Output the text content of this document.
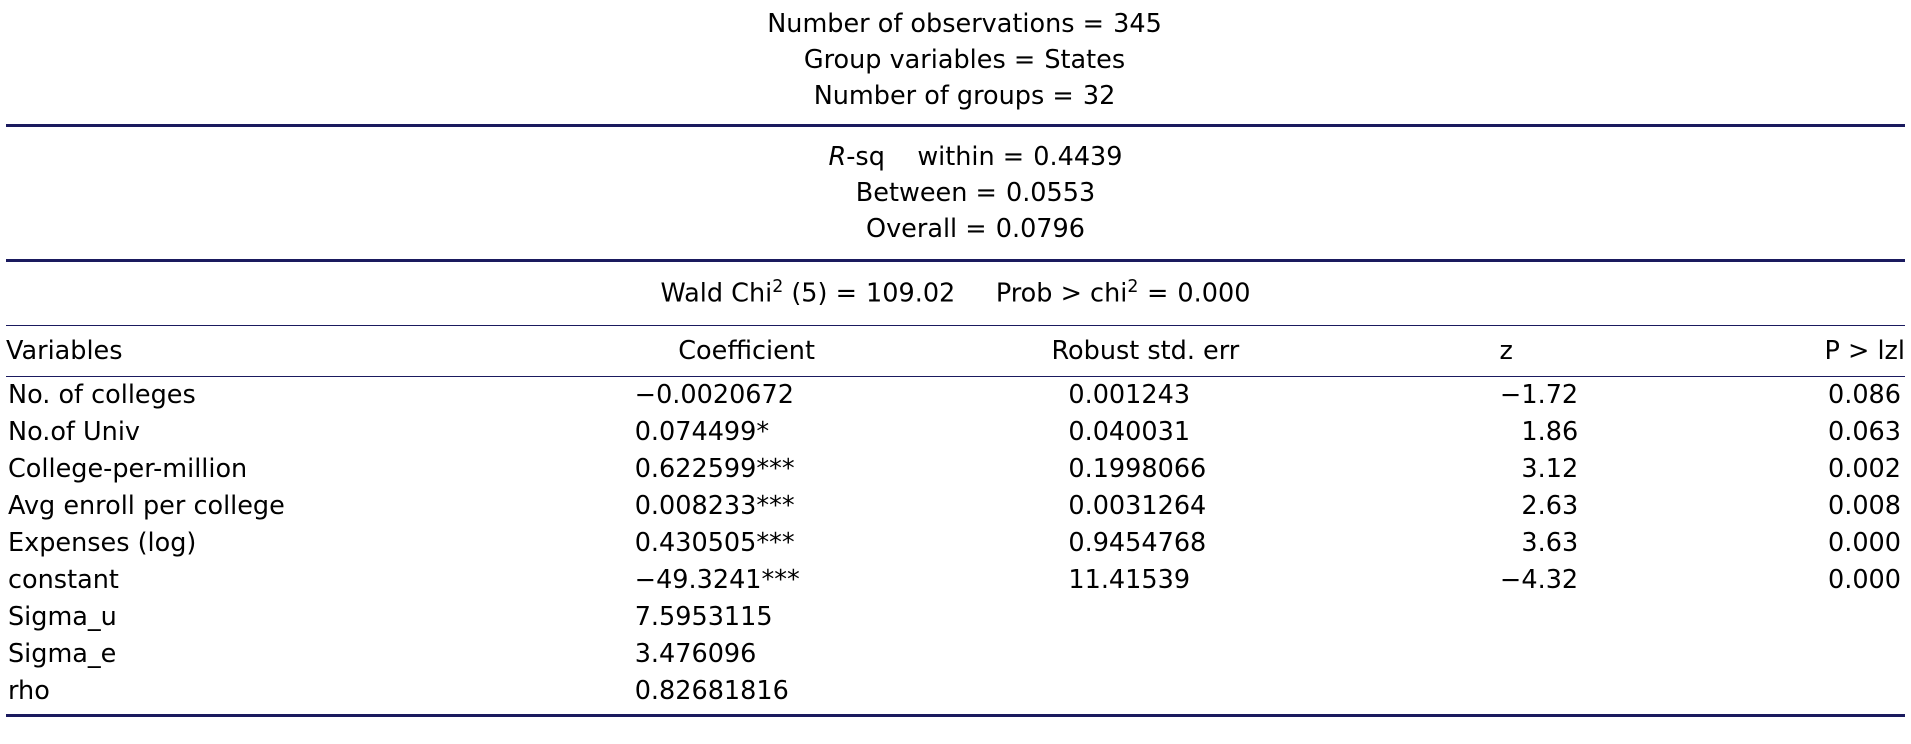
Number of observations = 345
Group variables = States
Number of groups = 32
R-sq    within = 0.4439
Between = 0.0553
Overall = 0.0796
Wald Chi$^2$ (5) = 109.02 Prob > chi$^2$ = 0.000
Variables	Coefficient	Robust std. err	z	P > lzl
No. of colleges	−0.0020672	0.001243	−1.72	0.086
No.of Univ	0.074499*	0.040031	1.86	0.063
College-per-million	0.622599***	0.1998066	3.12	0.002
Avg enroll per college	0.008233***	0.0031264	2.63	0.008
Expenses (log)	0.430505***	0.9454768	3.63	0.000
constant	−49.3241***	11.41539	−4.32	0.000
Sigma_u	7.5953115			
Sigma_e	3.476096			
rho	0.82681816			
